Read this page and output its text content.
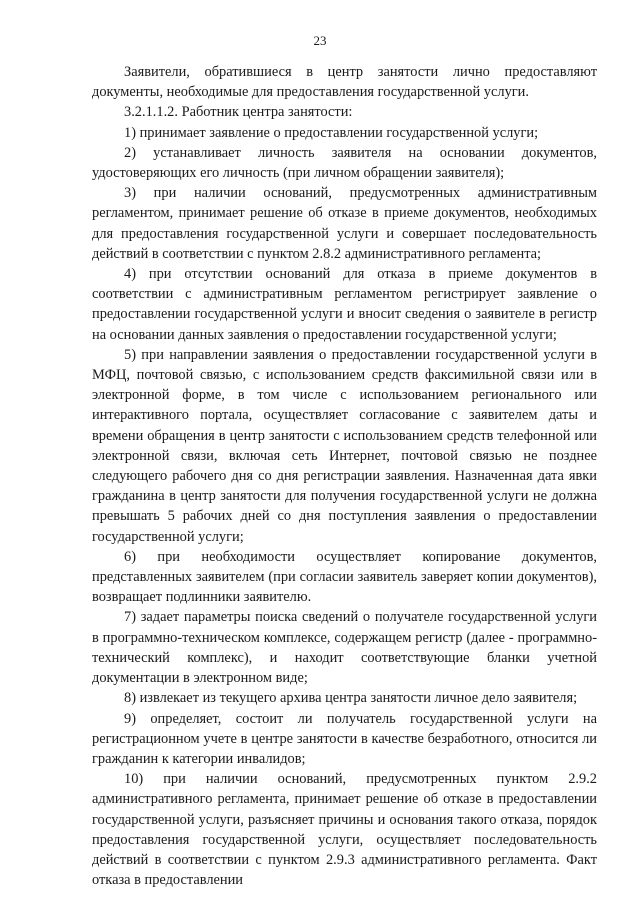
23

Заявители, обратившиеся в центр занятости лично предоставляют документы, необходимые для предоставления государственной услуги.

3.2.1.1.2. Работник центра занятости:

1) принимает заявление о предоставлении государственной услуги;

2) устанавливает личность заявителя на основании документов, удостоверяющих его личность (при личном обращении заявителя);

3) при наличии оснований, предусмотренных административным регламентом, принимает решение об отказе в приеме документов, необходимых для предоставления государственной услуги и совершает последовательность действий в соответствии с пунктом 2.8.2 административного регламента;

4) при отсутствии оснований для отказа в приеме документов в соответствии с административным регламентом регистрирует заявление о предоставлении государственной услуги и вносит сведения о заявителе в регистр на основании данных заявления о предоставлении государственной услуги;

5) при направлении заявления о предоставлении государственной услуги в МФЦ, почтовой связью, с использованием средств факсимильной связи или в электронной форме, в том числе с использованием регионального или интерактивного портала, осуществляет согласование с заявителем даты и времени обращения в центр занятости с использованием средств телефонной или электронной связи, включая сеть Интернет, почтовой связью не позднее следующего рабочего дня со дня регистрации заявления. Назначенная дата явки гражданина в центр занятости для получения государственной услуги не должна превышать 5 рабочих дней со дня поступления заявления о предоставлении государственной услуги;

6) при необходимости осуществляет копирование документов, представленных заявителем (при согласии заявитель заверяет копии документов), возвращает подлинники заявителю.

7) задает параметры поиска сведений о получателе государственной услуги в программно-техническом комплексе, содержащем регистр (далее - программно-технический комплекс), и находит соответствующие бланки учетной документации в электронном виде;

8) извлекает из текущего архива центра занятости личное дело заявителя;

9) определяет, состоит ли получатель государственной услуги на регистрационном учете в центре занятости в качестве безработного, относится ли гражданин к категории инвалидов;

10) при наличии оснований, предусмотренных пунктом 2.9.2 административного регламента, принимает решение об отказе в предоставлении государственной услуги, разъясняет причины и основания такого отказа, порядок предоставления государственной услуги, осуществляет последовательность действий в соответствии с пунктом 2.9.3 административного регламента. Факт отказа в предоставлении
